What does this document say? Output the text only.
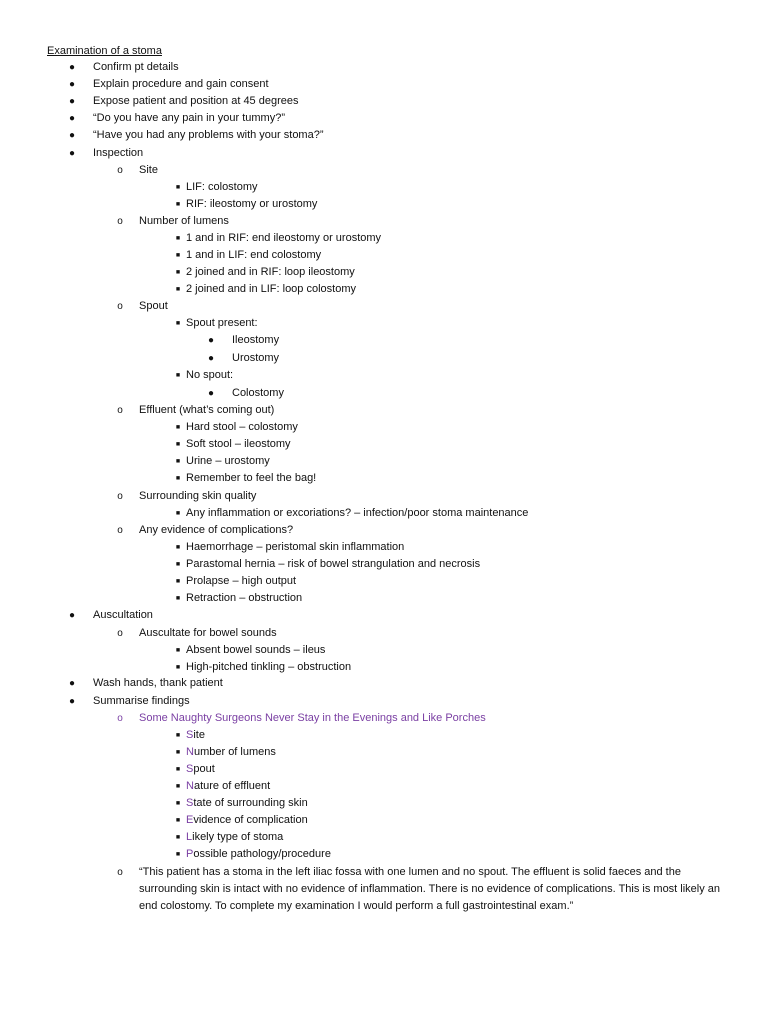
Examination of a stoma
● Confirm pt details
● Explain procedure and gain consent
● Expose patient and position at 45 degrees
● “Do you have any pain in your tummy?”
● “Have you had any problems with your stoma?”
● Inspection
o Site
■ LIF: colostomy
■ RIF: ileostomy or urostomy
o Number of lumens
■ 1 and in RIF: end ileostomy or urostomy
■ 1 and in LIF: end colostomy
■ 2 joined and in RIF: loop ileostomy
■ 2 joined and in LIF: loop colostomy
o Spout
■ Spout present:
● Ileostomy
● Urostomy
■ No spout:
● Colostomy
o Effluent (what’s coming out)
■ Hard stool – colostomy
■ Soft stool – ileostomy
■ Urine – urostomy
■ Remember to feel the bag!
o Surrounding skin quality
■ Any inflammation or excoriations? – infection/poor stoma maintenance
o Any evidence of complications?
■ Haemorrhage – peristomal skin inflammation
■ Parastomal hernia – risk of bowel strangulation and necrosis
■ Prolapse – high output
■ Retraction – obstruction
● Auscultation
o Auscultate for bowel sounds
■ Absent bowel sounds – ileus
■ High-pitched tinkling – obstruction
● Wash hands, thank patient
● Summarise findings
o Some Naughty Surgeons Never Stay in the Evenings and Like Porches
■ Site
■ Number of lumens
■ Spout
■ Nature of effluent
■ State of surrounding skin
■ Evidence of complication
■ Likely type of stoma
■ Possible pathology/procedure
o “This patient has a stoma in the left iliac fossa with one lumen and no spout. The effluent is solid faeces and the surrounding skin is intact with no evidence of inflammation. There is no evidence of complications. This is most likely an end colostomy. To complete my examination I would perform a full gastrointestinal exam.”
